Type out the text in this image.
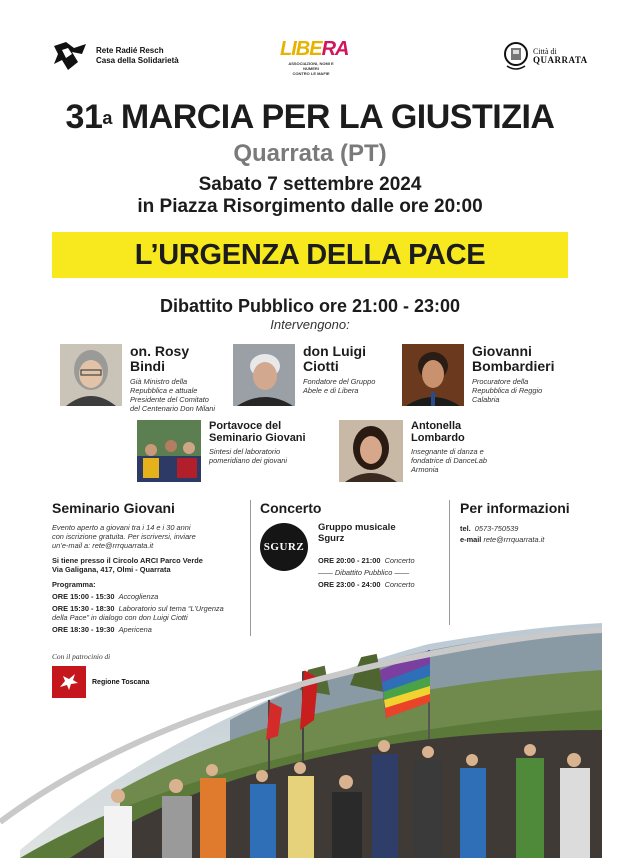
Rete Radié Resch
Casa della Solidarietà
LIBERA
ASSOCIAZIONI, NOMI E NUMERI
CONTRO LE MAFIE
Città di
QUARRATA
31$^a$ MARCIA PER LA GIUSTIZIA
Quarrata (PT)
Sabato 7 settembre 2024
in Piazza Risorgimento dalle ore 20:00
L’URGENZA DELLA PACE
Dibattito Pubblico ore 21:00 - 23:00
Intervengono:
on. Rosy
Bindi
Già Ministro della
Repubblica e attuale
Presidente del Comitato
del Centenario Don Milani
don Luigi
Ciotti
Fondatore del Gruppo
Abele e di Libera
Giovanni
Bombardieri
Procuratore della
Repubblica di Reggio
Calabria
Portavoce del
Seminario Giovani
Sintesi del laboratorio
pomeridiano dei giovani
Antonella
Lombardo
Insegnante di danza e
fondatrice di DanceLab
Armonia
Seminario Giovani
Evento aperto a giovani tra i 14 e i 30 anni
con iscrizione gratuita. Per iscriversi, inviare
un’e-mail a: rete@rrrquarrata.it
Si tiene presso il Circolo ARCI Parco Verde
Via Galigana, 417, Olmi - Quarrata
Programma:
ORE 15:00 - 15:30 Accoglienza
ORE 15:30 - 18:30 Laboratorio sul tema “L’Urgenza
della Pace” in dialogo con don Luigi Ciotti
ORE 18:30 - 19:30 Apericena
Concerto
Gruppo musicale
Sgurz
ORE 20:00 - 21:00 Concerto
—— Dibattito Pubblico ——
ORE 23:00 - 24:00 Concerto
SGURZ
Per informazioni
tel. 0573-750539
e-mail rete@rrrquarrata.it
Con il patrocinio di
Regione Toscana
